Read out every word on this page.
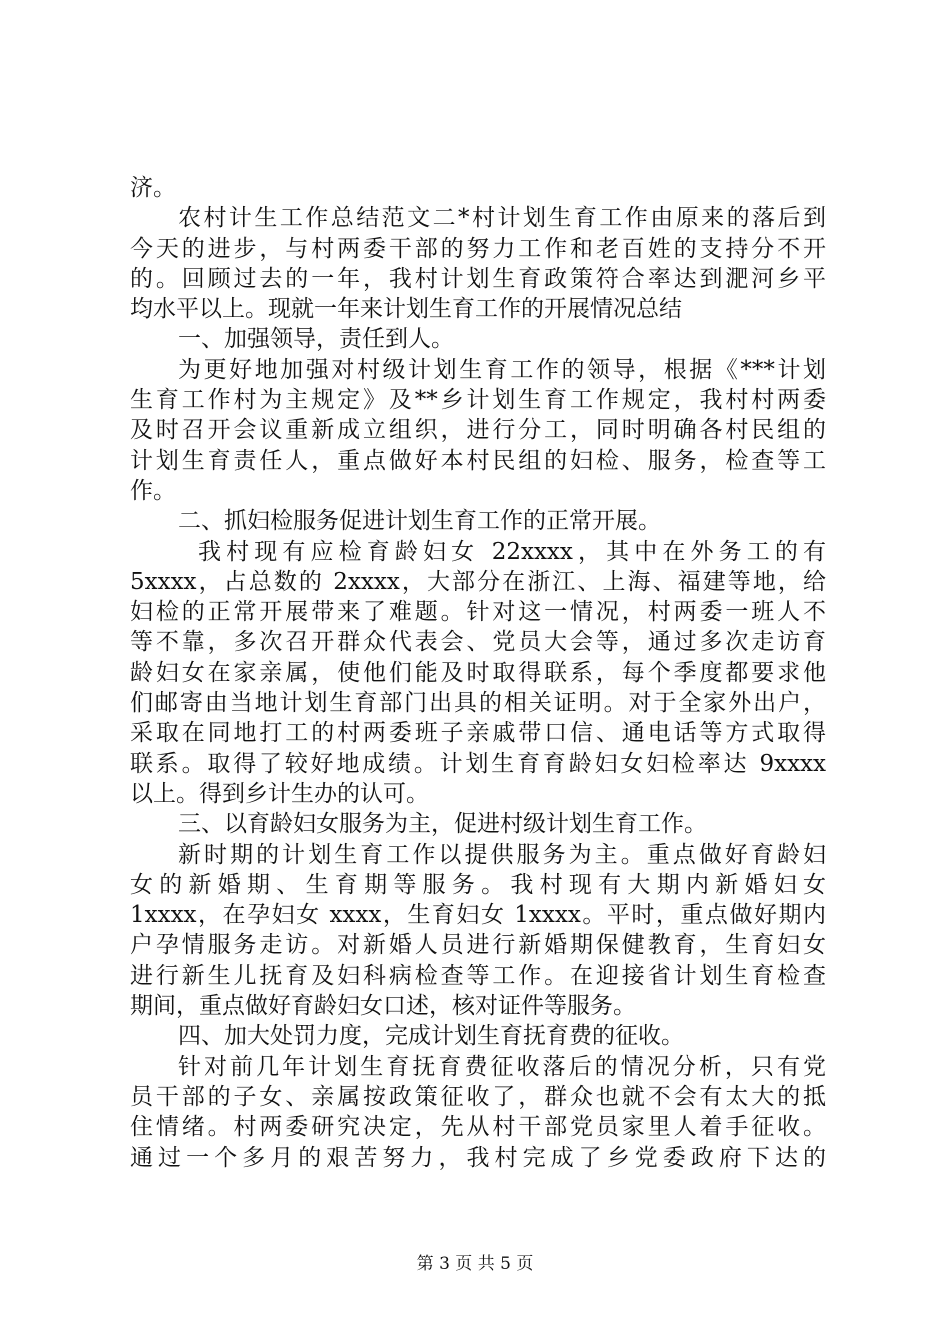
济。
农村计生工作总结范文二*村计划生育工作由原来的落后到
今天的进步，与村两委干部的努力工作和老百姓的支持分不开
的。回顾过去的一年，我村计划生育政策符合率达到淝河乡平
均水平以上。现就一年来计划生育工作的开展情况总结
一、加强领导，责任到人。
为更好地加强对村级计划生育工作的领导，根据《***计划
生育工作村为主规定》及**乡计划生育工作规定，我村村两委
及时召开会议重新成立组织，进行分工，同时明确各村民组的
计划生育责任人，重点做好本村民组的妇检、服务，检查等工
作。
二、抓妇检服务促进计划生育工作的正常开展。
我村现有应检育龄妇女 22xxxx，其中在外务工的有
5xxxx，占总数的 2xxxx，大部分在浙江、上海、福建等地，给
妇检的正常开展带来了难题。针对这一情况，村两委一班人不
等不靠，多次召开群众代表会、党员大会等，通过多次走访育
龄妇女在家亲属，使他们能及时取得联系，每个季度都要求他
们邮寄由当地计划生育部门出具的相关证明。对于全家外出户，
采取在同地打工的村两委班子亲戚带口信、通电话等方式取得
联系。取得了较好地成绩。计划生育育龄妇女妇检率达 9xxxx
以上。得到乡计生办的认可。
三、以育龄妇女服务为主，促进村级计划生育工作。
新时期的计划生育工作以提供服务为主。重点做好育龄妇
女的新婚期、生育期等服务。我村现有大期内新婚妇女
1xxxx，在孕妇女 xxxx，生育妇女 1xxxx。平时，重点做好期内
户孕情服务走访。对新婚人员进行新婚期保健教育，生育妇女
进行新生儿抚育及妇科病检查等工作。在迎接省计划生育检查
期间，重点做好育龄妇女口述，核对证件等服务。
四、加大处罚力度，完成计划生育抚育费的征收。
针对前几年计划生育抚育费征收落后的情况分析，只有党
员干部的子女、亲属按政策征收了，群众也就不会有太大的抵
住情绪。村两委研究决定，先从村干部党员家里人着手征收。
通过一个多月的艰苦努力，我村完成了乡党委政府下达的
第 3 页 共 5 页
